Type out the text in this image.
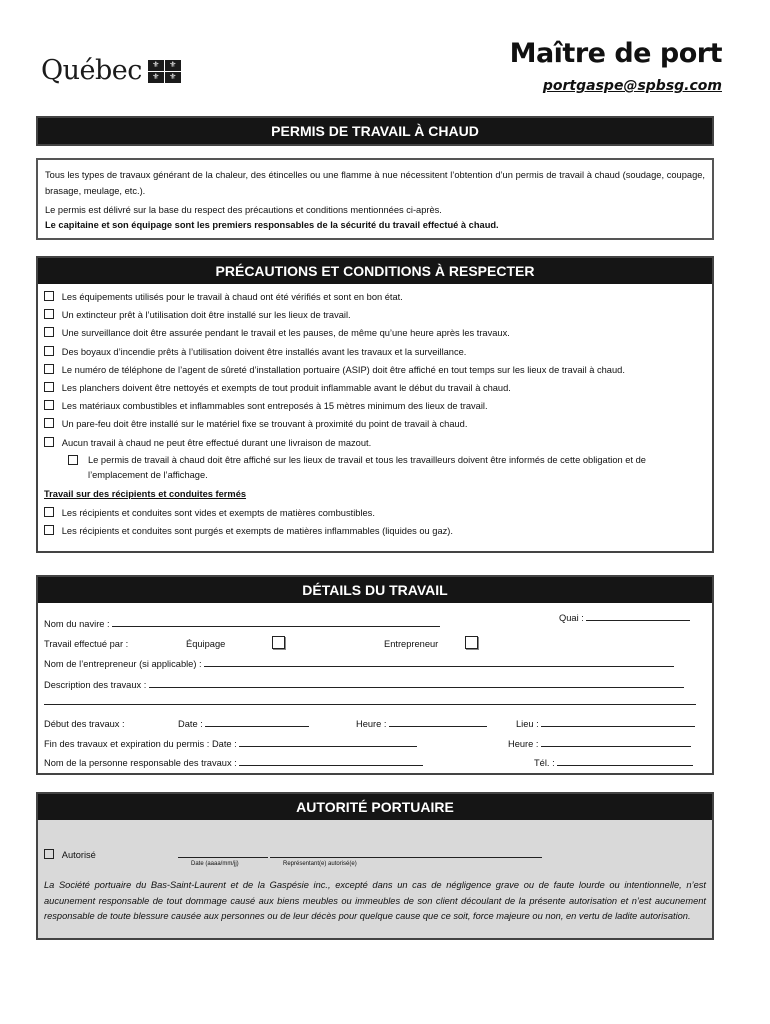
Québec	⚜	⚜
⚜	⚜
Maître de port
portgaspe@spbsg.com
PERMIS DE TRAVAIL À CHAUD
Tous les types de travaux générant de la chaleur, des étincelles ou une flamme à nue nécessitent l’obtention d’un permis de travail à chaud (soudage, coupage, brasage, meulage, etc.).
Le permis est délivré sur la base du respect des précautions et conditions mentionnées ci-après.
Le capitaine et son équipage sont les premiers responsables de la sécurité du travail effectué à chaud.
PRÉCAUTIONS ET CONDITIONS À RESPECTER
Les équipements utilisés pour le travail à chaud ont été vérifiés et sont en bon état.
Un extincteur prêt à l’utilisation doit être installé sur les lieux de travail.
Une surveillance doit être assurée pendant le travail et les pauses, de même qu’une heure après les travaux.
Des boyaux d’incendie prêts à l’utilisation doivent être installés avant les travaux et la surveillance.
Le numéro de téléphone de l’agent de sûreté d’installation portuaire (ASIP) doit être affiché en tout temps sur les lieux de travail à chaud.
Les planchers doivent être nettoyés et exempts de tout produit inflammable avant le début du travail à chaud.
Les matériaux combustibles et inflammables sont entreposés à 15 mètres minimum des lieux de travail.
Un pare-feu doit être installé sur le matériel fixe se trouvant à proximité du point de travail à chaud.
Aucun travail à chaud ne peut être effectué durant une livraison de mazout.
Le permis de travail à chaud doit être affiché sur les lieux de travail et tous les travailleurs doivent être informés de cette obligation et de l’emplacement de l’affichage.
Travail sur des récipients et conduites fermés
Les récipients et conduites sont vides et exempts de matières combustibles.
Les récipients et conduites sont purgés et exempts de matières inflammables (liquides ou gaz).
DÉTAILS DU TRAVAIL
Nom du navire :
Quai :
Travail effectué par :	Équipage	Entrepreneur
Nom de l’entrepreneur (si applicable) :
Description des travaux :
Début des travaux :	Date :	Heure :	Lieu :
Fin des travaux et expiration du permis : Date :	Heure :
Nom de la personne responsable des travaux :	Tél. :
AUTORITÉ PORTUAIRE
Autorisé
Date (aaaa/mm/jj)	Représentant(e) autorisé(e)
La Société portuaire du Bas-Saint-Laurent et de la Gaspésie inc., excepté dans un cas de négligence grave ou de faute lourde ou intentionnelle, n’est aucunement responsable de tout dommage causé aux biens meubles ou immeubles de son client découlant de la présente autorisation et n’est aucunement responsable de toute blessure causée aux personnes ou de leur décès pour quelque cause que ce soit, force majeure ou non, en vertu de ladite autorisation.
